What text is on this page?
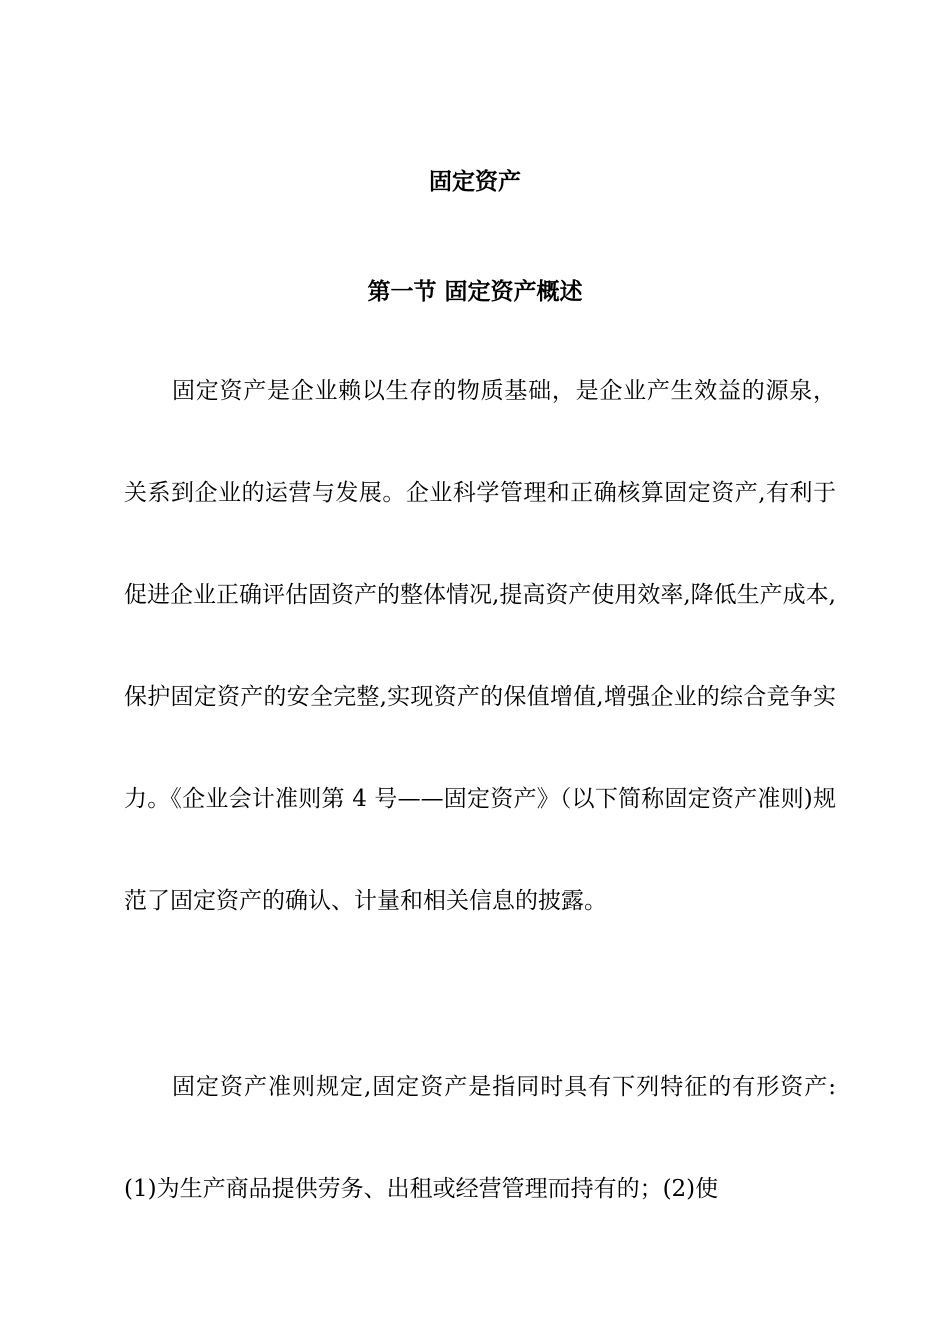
固定资产
第一节 固定资产概述

固定资产是企业赖以生存的物质基础，是企业产生效益的源泉，关系到企业的运营与发展。企业科学管理和正确核算固定资产,有利于促进企业正确评估固资产的整体情况,提高资产使用效率,降低生产成本,保护固定资产的安全完整,实现资产的保值增值,增强企业的综合竞争实力。《企业会计准则第 4 号——固定资产》（以下简称固定资产准则)规范了固定资产的确认、计量和相关信息的披露。

固定资产准则规定,固定资产是指同时具有下列特征的有形资产:(1)为生产商品提供劳务、出租或经营管理而持有的；(2)使
